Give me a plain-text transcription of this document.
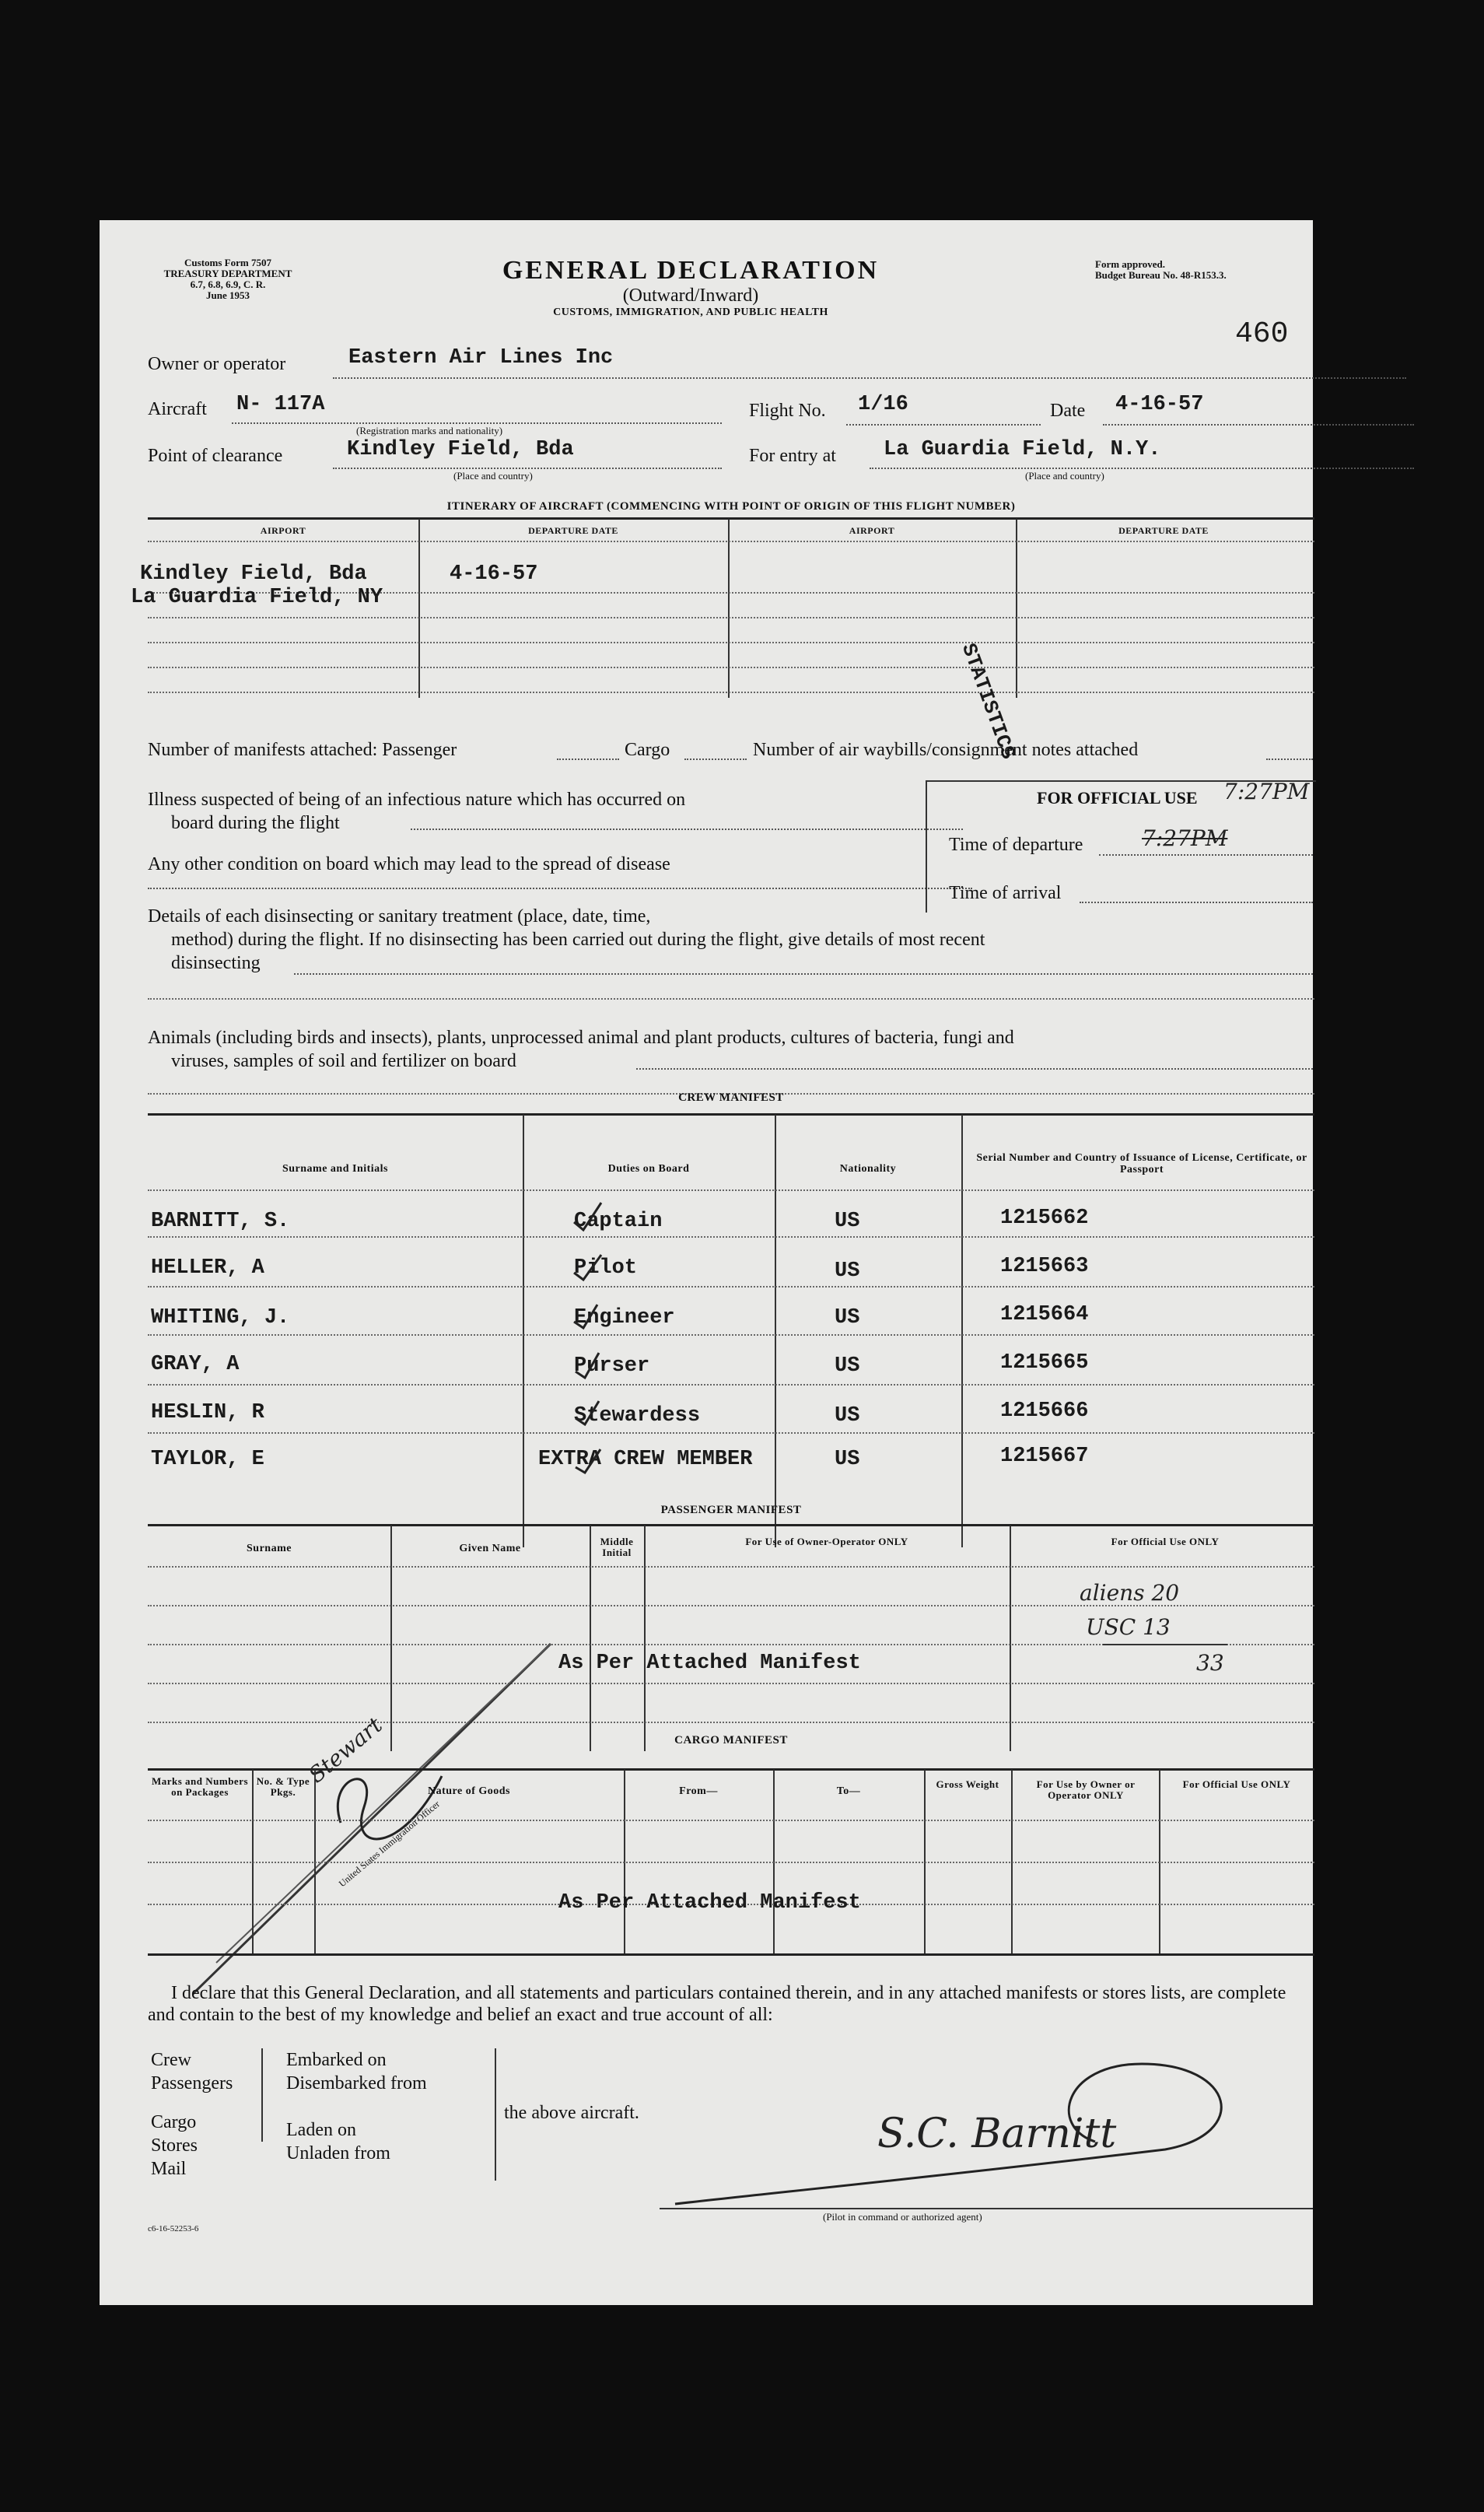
Customs Form 7507
TREASURY DEPARTMENT
6.7, 6.8, 6.9, C. R.
June 1953
GENERAL DECLARATION
(Outward/Inward)
CUSTOMS, IMMIGRATION, AND PUBLIC HEALTH
Form approved.
Budget Bureau No. 48-R153.3.
460
Owner or operator	Eastern Air Lines Inc
Aircraft N- 117A
(Registration marks and nationality)
Flight No. 1/16	Date 4-16-57
Point of clearance	Kindley Field, Bda
(Place and country)
For entry at La Guardia Field, N.Y.
(Place and country)
ITINERARY OF AIRCRAFT (COMMENCING WITH POINT OF ORIGIN OF THIS FLIGHT NUMBER)
AIRPORT	DEPARTURE DATE	AIRPORT	DEPARTURE DATE
Kindley Field, Bda	4-16-57
La Guardia Field, NY
STATISTICS
Number of manifests attached: Passenger	Cargo	Number of air waybills/consignment notes attached
Illness suspected of being of an infectious nature which has occurred on
board during the flight
Any other condition on board which may lead to the spread of disease
Details of each disinsecting or sanitary treatment (place, date, time,
method) during the flight. If no disinsecting has been carried out during the flight, give details of most recent
disinsecting
Animals (including birds and insects), plants, unprocessed animal and plant products, cultures of bacteria, fungi and
viruses, samples of soil and fertilizer on board
FOR OFFICIAL USE 7:27PM
Time of departure	7:27PM
Time of arrival
CREW MANIFEST
Surname and Initials	Duties on Board	Nationality
Serial Number and Country of Issuance of License, Certificate, or Passport
BARNITT, S.	Captain	US	1215662
HELLER, A	Pilot	US	1215663
WHITING, J.	Engineer	US	1215664
GRAY, A	Purser	US	1215665
HESLIN, R	Stewardess	US	1215666
TAYLOR, E	EXTRA CREW MEMBER	US	1215667
PASSENGER MANIFEST
Surname	Given Name
Middle Initial
For Use of Owner-Operator ONLY	For Official Use ONLY
As Per Attached Manifest
aliens 20
USC 13
33
Stewart
United States Immigration Officer
CARGO MANIFEST
Marks and Numbers on Packages
No. & Type Pkgs.	Nature of Goods	From—	To—
Gross Weight	For Use by Owner or Operator ONLY
For Official Use ONLY
As Per Attached Manifest
I declare that this General Declaration, and all statements and particulars contained therein, and in any attached manifests or stores lists, are complete and contain to the best of my knowledge and belief an exact and true account of all:
Crew
Passengers
Cargo
Stores
Mail
Embarked on
Disembarked from
Laden on
Unladen from
the above aircraft.	S.C. Barnitt
(Pilot in command or authorized agent)
c6-16-52253-6
